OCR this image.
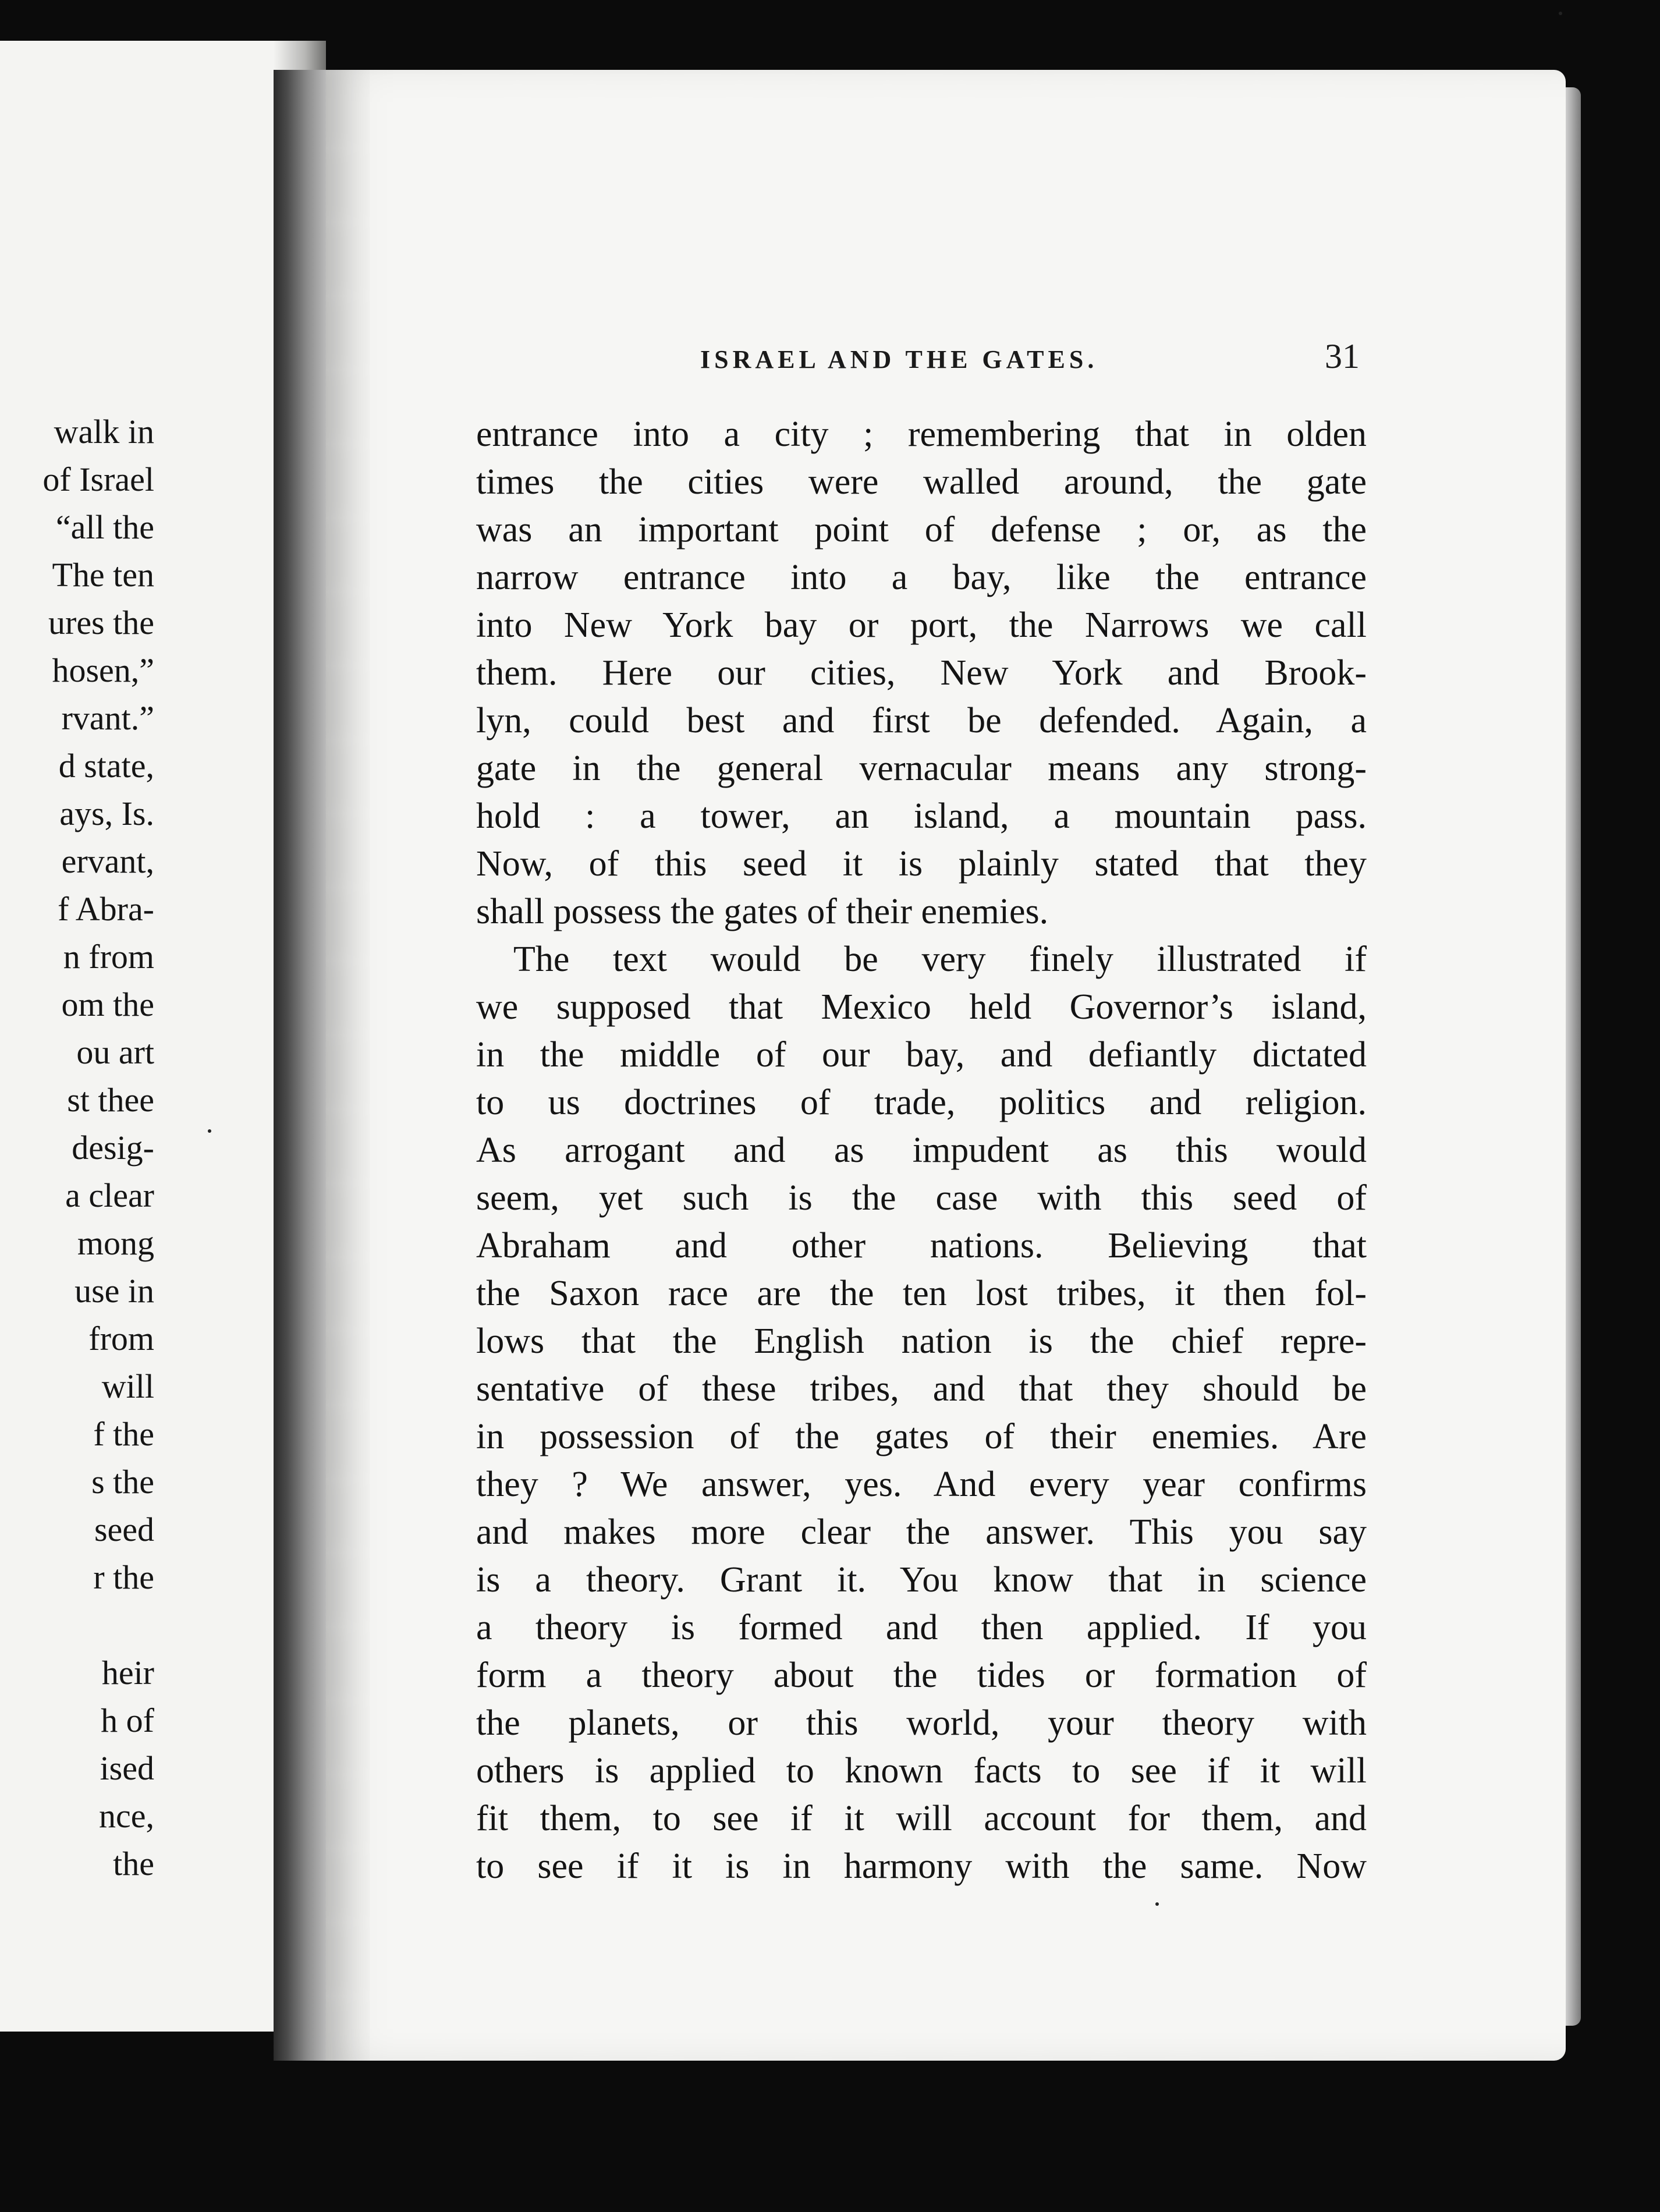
walk in
of Israel
“all the
The ten
ures the
hosen,”
rvant.”
d state,
ays, Is.
ervant,
f Abra-
n from
om the
ou art
st thee
desig-
a clear
mong
use in
from
will
f the
s the
seed
r the
heir
h of
ised
nce,
the
ISRAEL AND THE GATES.	31
entrance into a city ; remembering that in olden
times the cities were walled around, the gate
was an important point of defense ; or, as the
narrow entrance into a bay, like the entrance
into New York bay or port, the Narrows we call
them. Here our cities, New York and Brook-
lyn, could best and first be defended. Again, a
gate in the general vernacular means any strong-
hold : a tower, an island, a mountain pass.
Now, of this seed it is plainly stated that they
shall possess the gates of their enemies.
The text would be very finely illustrated if
we supposed that Mexico held Governor’s island,
in the middle of our bay, and defiantly dictated
to us doctrines of trade, politics and religion.
As arrogant and as impudent as this would
seem, yet such is the case with this seed of
Abraham and other nations. Believing that
the Saxon race are the ten lost tribes, it then fol-
lows that the English nation is the chief repre-
sentative of these tribes, and that they should be
in possession of the gates of their enemies. Are
they ? We answer, yes. And every year confirms
and makes more clear the answer. This you say
is a theory. Grant it. You know that in science
a theory is formed and then applied. If you
form a theory about the tides or formation of
the planets, or this world, your theory with
others is applied to known facts to see if it will
fit them, to see if it will account for them, and
to see if it is in harmony with the same. Now
